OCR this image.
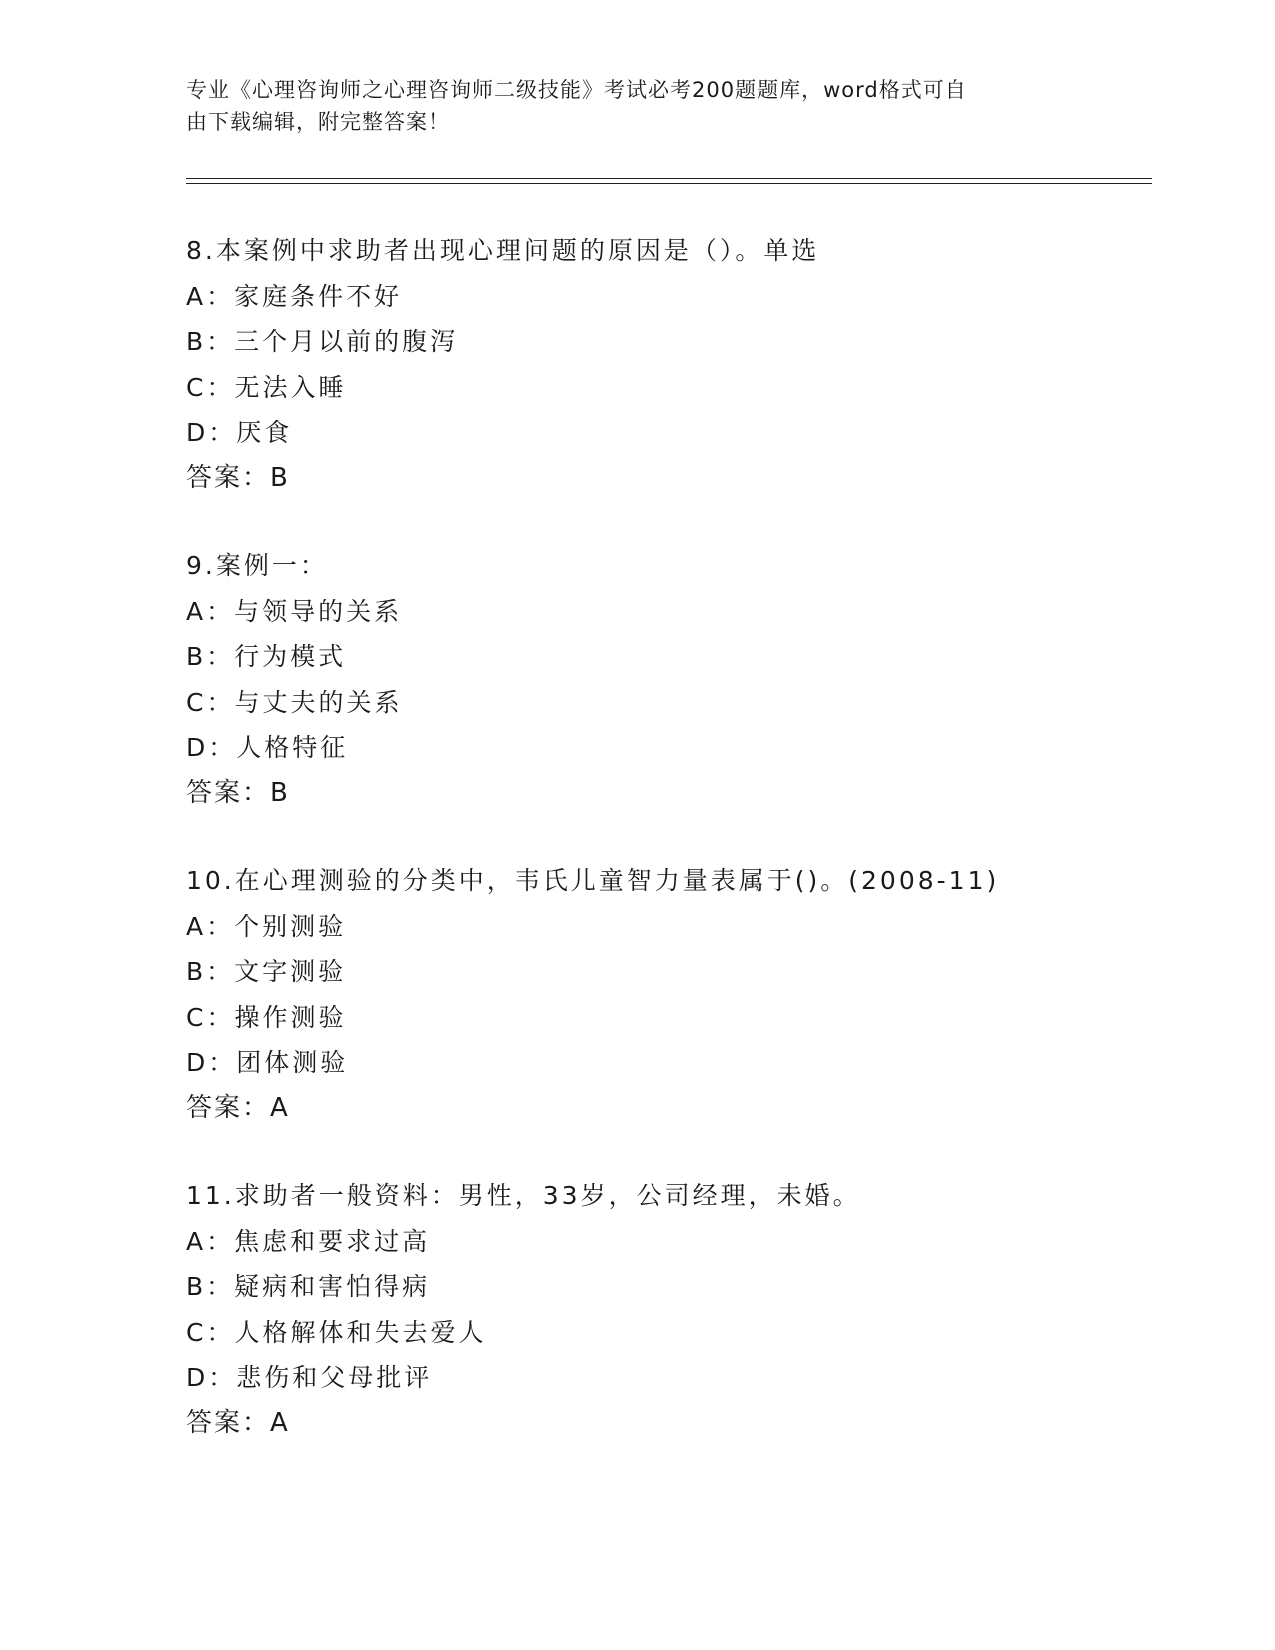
专业《心理咨询师之心理咨询师二级技能》考试必考200题题库，word格式可自
由下载编辑，附完整答案！
8.本案例中求助者出现心理问题的原因是（）。单选
A：家庭条件不好
B：三个月以前的腹泻
C：无法入睡
D：厌食
答案：B
9.案例一：
A：与领导的关系
B：行为模式
C：与丈夫的关系
D：人格特征
答案：B
10.在心理测验的分类中，韦氏儿童智力量表属于()。(2008-11)
A：个别测验
B：文字测验
C：操作测验
D：团体测验
答案：A
11.求助者一般资料：男性，33岁，公司经理，未婚。
A：焦虑和要求过高
B：疑病和害怕得病
C：人格解体和失去爱人
D：悲伤和父母批评
答案：A
